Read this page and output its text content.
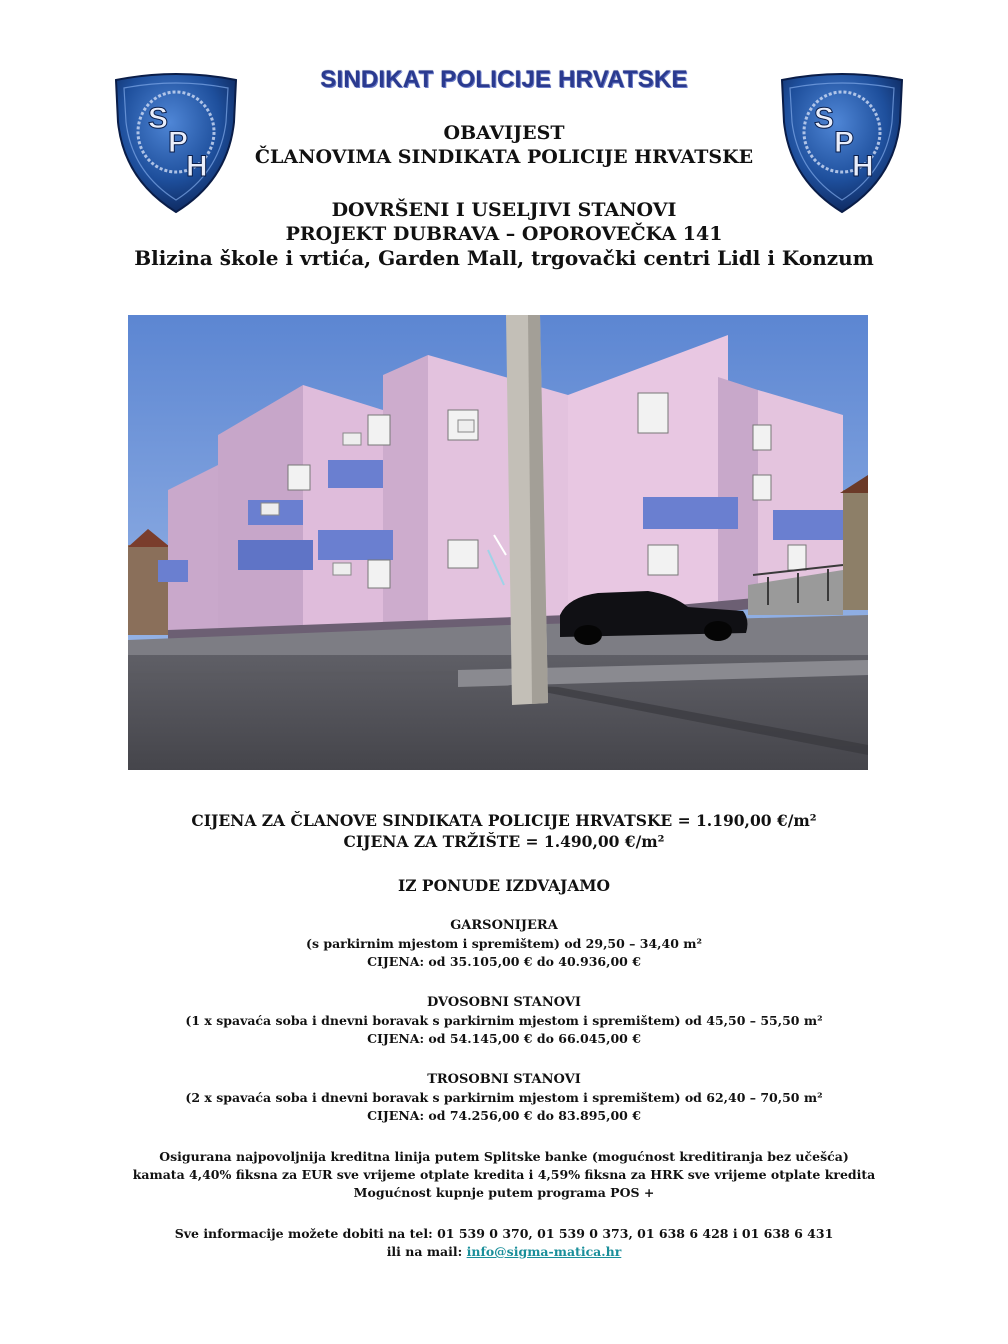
SINDIKAT POLICIJE HRVATSKE
S
P
H
S
P
H
OBAVIJEST
ČLANOVIMA SINDIKATA POLICIJE HRVATSKE
DOVRŠENI I USELJIVI STANOVI
PROJEKT DUBRAVA – OPOROVEČKA 141
Blizina škole i vrtića, Garden Mall, trgovački centri Lidl i Konzum
CIJENA ZA ČLANOVE SINDIKATA POLICIJE HRVATSKE = 1.190,00 €/m²
CIJENA ZA TRŽIŠTE = 1.490,00 €/m²
IZ PONUDE IZDVAJAMO
GARSONIJERA
(s parkirnim mjestom i spremištem) od 29,50 – 34,40 m²
CIJENA: od 35.105,00 € do 40.936,00 €
DVOSOBNI STANOVI
(1 x spavaća soba i dnevni boravak s parkirnim mjestom i spremištem) od 45,50 – 55,50 m²
CIJENA: od 54.145,00 € do 66.045,00 €
TROSOBNI STANOVI
(2 x spavaća soba i dnevni boravak s parkirnim mjestom i spremištem) od 62,40 – 70,50 m²
CIJENA: od 74.256,00 € do 83.895,00 €
Osigurana najpovoljnija kreditna linija putem Splitske banke (mogućnost kreditiranja bez učešća)
kamata 4,40% fiksna za EUR sve vrijeme otplate kredita i 4,59% fiksna za HRK sve vrijeme otplate kredita
Mogućnost kupnje putem programa POS +
Sve informacije možete dobiti na tel: 01 539 0 370, 01 539 0 373, 01 638 6 428 i 01 638 6 431
ili na mail: info@sigma-matica.hr
